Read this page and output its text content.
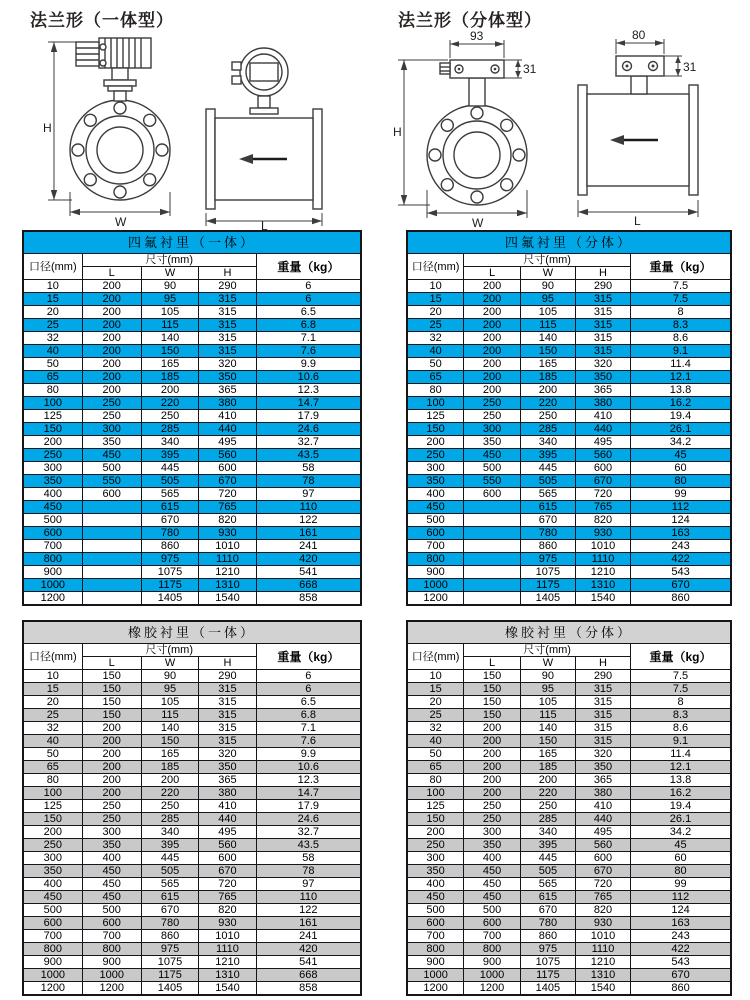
法兰形（一体型）	法兰形（分体型）
H
W	L
93
31
H
W
80
31
L
四氟衬里（一体）				
口径(mm)	尺寸(mm)			重量（kg）
	L	W	H	
10	200	90	290	6
15	200	95	315	6
20	200	105	315	6.5
25	200	115	315	6.8
32	200	140	315	7.1
40	200	150	315	7.6
50	200	165	320	9.9
65	200	185	350	10.6
80	200	200	365	12.3
100	250	220	380	14.7
125	250	250	410	17.9
150	300	285	440	24.6
200	350	340	495	32.7
250	450	395	560	43.5
300	500	445	600	58
350	550	505	670	78
400	600	565	720	97
450		615	765	110
500		670	820	122
600		780	930	161
700		860	1010	241
800		975	1110	420
900		1075	1210	541
1000		1175	1310	668
1200		1405	1540	858
四氟衬里（分体）				
口径(mm)	尺寸(mm)			重量（kg）
	L	W	H	
10	200	90	290	7.5
15	200	95	315	7.5
20	200	105	315	8
25	200	115	315	8.3
32	200	140	315	8.6
40	200	150	315	9.1
50	200	165	320	11.4
65	200	185	350	12.1
80	200	200	365	13.8
100	250	220	380	16.2
125	250	250	410	19.4
150	300	285	440	26.1
200	350	340	495	34.2
250	450	395	560	45
300	500	445	600	60
350	550	505	670	80
400	600	565	720	99
450		615	765	112
500		670	820	124
600		780	930	163
700		860	1010	243
800		975	1110	422
900		1075	1210	543
1000		1175	1310	670
1200		1405	1540	860
橡胶衬里（一体）				
口径(mm)	尺寸(mm)			重量（kg）
	L	W	H	
10	150	90	290	6
15	150	95	315	6
20	150	105	315	6.5
25	150	115	315	6.8
32	200	140	315	7.1
40	200	150	315	7.6
50	200	165	320	9.9
65	200	185	350	10.6
80	200	200	365	12.3
100	200	220	380	14.7
125	250	250	410	17.9
150	250	285	440	24.6
200	300	340	495	32.7
250	350	395	560	43.5
300	400	445	600	58
350	450	505	670	78
400	450	565	720	97
450	450	615	765	110
500	500	670	820	122
600	600	780	930	161
700	700	860	1010	241
800	800	975	1110	420
900	900	1075	1210	541
1000	1000	1175	1310	668
1200	1200	1405	1540	858
橡胶衬里（分体）				
口径(mm)	尺寸(mm)			重量（kg）
	L	W	H	
10	150	90	290	7.5
15	150	95	315	7.5
20	150	105	315	8
25	150	115	315	8.3
32	200	140	315	8.6
40	200	150	315	9.1
50	200	165	320	11.4
65	200	185	350	12.1
80	200	200	365	13.8
100	200	220	380	16.2
125	250	250	410	19.4
150	250	285	440	26.1
200	300	340	495	34.2
250	350	395	560	45
300	400	445	600	60
350	450	505	670	80
400	450	565	720	99
450	450	615	765	112
500	500	670	820	124
600	600	780	930	163
700	700	860	1010	243
800	800	975	1110	422
900	900	1075	1210	543
1000	1000	1175	1310	670
1200	1200	1405	1540	860
